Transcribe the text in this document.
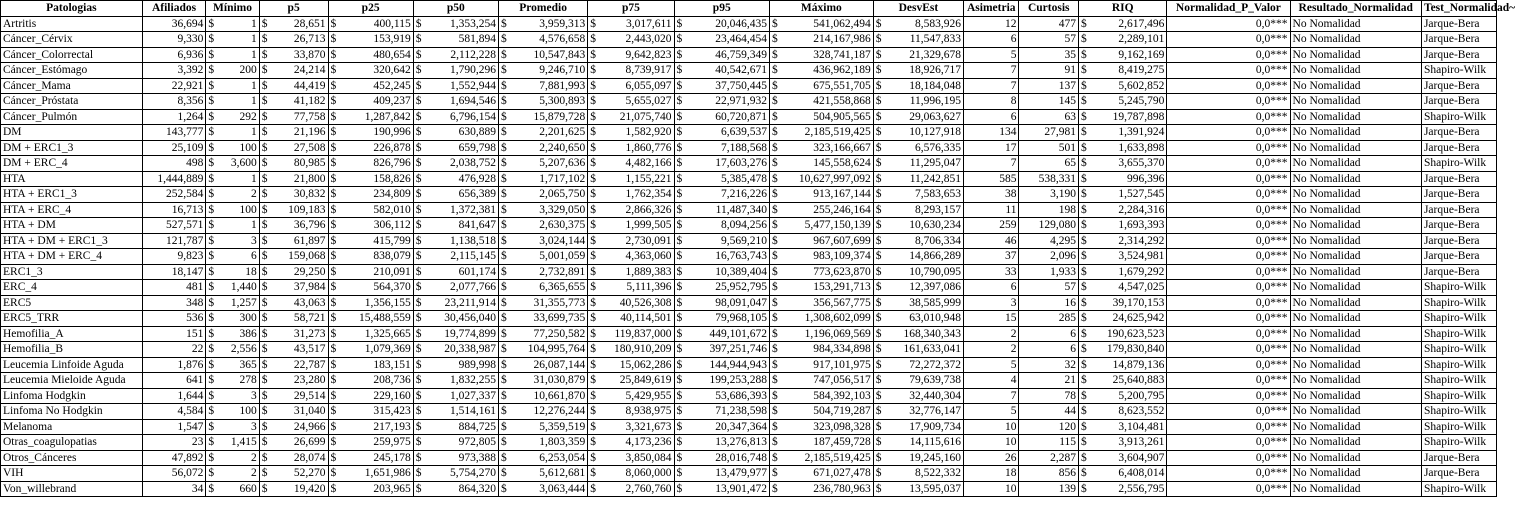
Patologias	Afiliados	Mínimo	p5	p25	p50	Promedio	p75	p95	Máximo	DesvEst	Asimetria	Curtosis	RIQ	Normalidad_P_Valor	Resultado_Normalidad	Test_Normalidad~
Artritis	36,694	$ 1	$ 28,651	$ 400,115	$ 1,353,254	$ 3,959,313	$ 3,017,611	$ 20,046,435	$ 541,062,494	$ 8,583,926	12	477	$ 2,617,496	0,0***	No Nomalidad	Jarque-Bera
Cáncer_Cérvix	9,330	$ 1	$ 26,713	$ 153,919	$ 581,894	$ 4,576,658	$ 2,443,020	$ 23,464,454	$ 214,167,986	$ 11,547,833	6	57	$ 2,289,101	0,0***	No Nomalidad	Jarque-Bera
Cáncer_Colorrectal	6,936	$ 1	$ 33,870	$ 480,654	$ 2,112,228	$ 10,547,843	$ 9,642,823	$ 46,759,349	$ 328,741,187	$ 21,329,678	5	35	$ 9,162,169	0,0***	No Nomalidad	Jarque-Bera
Cáncer_Estómago	3,392	$ 200	$ 24,214	$ 320,642	$ 1,790,296	$ 9,246,710	$ 8,739,917	$ 40,542,671	$ 436,962,189	$ 18,926,717	7	91	$ 8,419,275	0,0***	No Nomalidad	Shapiro-Wilk
Cáncer_Mama	22,921	$ 1	$ 44,419	$ 452,245	$ 1,552,944	$ 7,881,993	$ 6,055,097	$ 37,750,445	$ 675,551,705	$ 18,184,048	7	137	$ 5,602,852	0,0***	No Nomalidad	Jarque-Bera
Cáncer_Próstata	8,356	$ 1	$ 41,182	$ 409,237	$ 1,694,546	$ 5,300,893	$ 5,655,027	$ 22,971,932	$ 421,558,868	$ 11,996,195	8	145	$ 5,245,790	0,0***	No Nomalidad	Jarque-Bera
Cáncer_Pulmón	1,264	$ 292	$ 77,758	$ 1,287,842	$ 6,796,154	$ 15,879,728	$ 21,075,740	$ 60,720,871	$ 504,905,565	$ 29,063,627	6	63	$ 19,787,898	0,0***	No Nomalidad	Shapiro-Wilk
DM	143,777	$ 1	$ 21,196	$ 190,996	$ 630,889	$ 2,201,625	$ 1,582,920	$ 6,639,537	$ 2,185,519,425	$ 10,127,918	134	27,981	$ 1,391,924	0,0***	No Nomalidad	Jarque-Bera
DM + ERC1_3	25,109	$ 100	$ 27,508	$ 226,878	$ 659,798	$ 2,240,650	$ 1,860,776	$ 7,188,568	$ 323,166,667	$ 6,576,335	17	501	$ 1,633,898	0,0***	No Nomalidad	Jarque-Bera
DM + ERC_4	498	$ 3,600	$ 80,985	$ 826,796	$ 2,038,752	$ 5,207,636	$ 4,482,166	$ 17,603,276	$ 145,558,624	$ 11,295,047	7	65	$ 3,655,370	0,0***	No Nomalidad	Shapiro-Wilk
HTA	1,444,889	$ 1	$ 21,800	$ 158,826	$ 476,928	$ 1,717,102	$ 1,155,221	$ 5,385,478	$ 10,627,997,092	$ 11,242,851	585	538,331	$ 996,396	0,0***	No Nomalidad	Jarque-Bera
HTA + ERC1_3	252,584	$ 2	$ 30,832	$ 234,809	$ 656,389	$ 2,065,750	$ 1,762,354	$ 7,216,226	$ 913,167,144	$ 7,583,653	38	3,190	$ 1,527,545	0,0***	No Nomalidad	Jarque-Bera
HTA + ERC_4	16,713	$ 100	$ 109,183	$ 582,010	$ 1,372,381	$ 3,329,050	$ 2,866,326	$ 11,487,340	$ 255,246,164	$ 8,293,157	11	198	$ 2,284,316	0,0***	No Nomalidad	Jarque-Bera
HTA + DM	527,571	$ 1	$ 36,796	$ 306,112	$ 841,647	$ 2,630,375	$ 1,999,505	$ 8,094,256	$ 5,477,150,139	$ 10,630,234	259	129,080	$ 1,693,393	0,0***	No Nomalidad	Jarque-Bera
HTA + DM + ERC1_3	121,787	$ 3	$ 61,897	$ 415,799	$ 1,138,518	$ 3,024,144	$ 2,730,091	$ 9,569,210	$ 967,607,699	$ 8,706,334	46	4,295	$ 2,314,292	0,0***	No Nomalidad	Jarque-Bera
HTA + DM + ERC_4	9,823	$ 6	$ 159,068	$ 838,079	$ 2,115,145	$ 5,001,059	$ 4,363,060	$ 16,763,743	$ 983,109,374	$ 14,866,289	37	2,096	$ 3,524,981	0,0***	No Nomalidad	Jarque-Bera
ERC1_3	18,147	$ 18	$ 29,250	$ 210,091	$ 601,174	$ 2,732,891	$ 1,889,383	$ 10,389,404	$ 773,623,870	$ 10,790,095	33	1,933	$ 1,679,292	0,0***	No Nomalidad	Jarque-Bera
ERC_4	481	$ 1,440	$ 37,984	$ 564,370	$ 2,077,766	$ 6,365,655	$ 5,111,396	$ 25,952,795	$ 153,291,713	$ 12,397,086	6	57	$ 4,547,025	0,0***	No Nomalidad	Shapiro-Wilk
ERC5	348	$ 1,257	$ 43,063	$ 1,356,155	$ 23,211,914	$ 31,355,773	$ 40,526,308	$ 98,091,047	$ 356,567,775	$ 38,585,999	3	16	$ 39,170,153	0,0***	No Nomalidad	Shapiro-Wilk
ERC5_TRR	536	$ 300	$ 58,721	$ 15,488,559	$ 30,456,040	$ 33,699,735	$ 40,114,501	$ 79,968,105	$ 1,308,602,099	$ 63,010,948	15	285	$ 24,625,942	0,0***	No Nomalidad	Shapiro-Wilk
Hemofilia_A	151	$ 386	$ 31,273	$ 1,325,665	$ 19,774,899	$ 77,250,582	$ 119,837,000	$ 449,101,672	$ 1,196,069,569	$ 168,340,343	2	6	$ 190,623,523	0,0***	No Nomalidad	Shapiro-Wilk
Hemofilia_B	22	$ 2,556	$ 43,517	$ 1,079,369	$ 20,338,987	$ 104,995,764	$ 180,910,209	$ 397,251,746	$ 984,334,898	$ 161,633,041	2	6	$ 179,830,840	0,0***	No Nomalidad	Shapiro-Wilk
Leucemia Linfoide Aguda	1,876	$ 365	$ 22,787	$ 183,151	$ 989,998	$ 26,087,144	$ 15,062,286	$ 144,944,943	$ 917,101,975	$ 72,272,372	5	32	$ 14,879,136	0,0***	No Nomalidad	Shapiro-Wilk
Leucemia Mieloide Aguda	641	$ 278	$ 23,280	$ 208,736	$ 1,832,255	$ 31,030,879	$ 25,849,619	$ 199,253,288	$ 747,056,517	$ 79,639,738	4	21	$ 25,640,883	0,0***	No Nomalidad	Shapiro-Wilk
Linfoma Hodgkin	1,644	$ 3	$ 29,514	$ 229,160	$ 1,027,337	$ 10,661,870	$ 5,429,955	$ 53,686,393	$ 584,392,103	$ 32,440,304	7	78	$ 5,200,795	0,0***	No Nomalidad	Shapiro-Wilk
Linfoma No Hodgkin	4,584	$ 100	$ 31,040	$ 315,423	$ 1,514,161	$ 12,276,244	$ 8,938,975	$ 71,238,598	$ 504,719,287	$ 32,776,147	5	44	$ 8,623,552	0,0***	No Nomalidad	Shapiro-Wilk
Melanoma	1,547	$ 3	$ 24,966	$ 217,193	$ 884,725	$ 5,359,519	$ 3,321,673	$ 20,347,364	$ 323,098,328	$ 17,909,734	10	120	$ 3,104,481	0,0***	No Nomalidad	Shapiro-Wilk
Otras_coagulopatias	23	$ 1,415	$ 26,699	$ 259,975	$ 972,805	$ 1,803,359	$ 4,173,236	$ 13,276,813	$ 187,459,728	$ 14,115,616	10	115	$ 3,913,261	0,0***	No Nomalidad	Shapiro-Wilk
Otros_Cánceres	47,892	$ 2	$ 28,074	$ 245,178	$ 973,388	$ 6,253,054	$ 3,850,084	$ 28,016,748	$ 2,185,519,425	$ 19,245,160	26	2,287	$ 3,604,907	0,0***	No Nomalidad	Jarque-Bera
VIH	56,072	$ 2	$ 52,270	$ 1,651,986	$ 5,754,270	$ 5,612,681	$ 8,060,000	$ 13,479,977	$ 671,027,478	$ 8,522,332	18	856	$ 6,408,014	0,0***	No Nomalidad	Jarque-Bera
Von_willebrand	34	$ 660	$ 19,420	$ 203,965	$ 864,320	$ 3,063,444	$ 2,760,760	$ 13,901,472	$ 236,780,963	$ 13,595,037	10	139	$ 2,556,795	0,0***	No Nomalidad	Shapiro-Wilk
